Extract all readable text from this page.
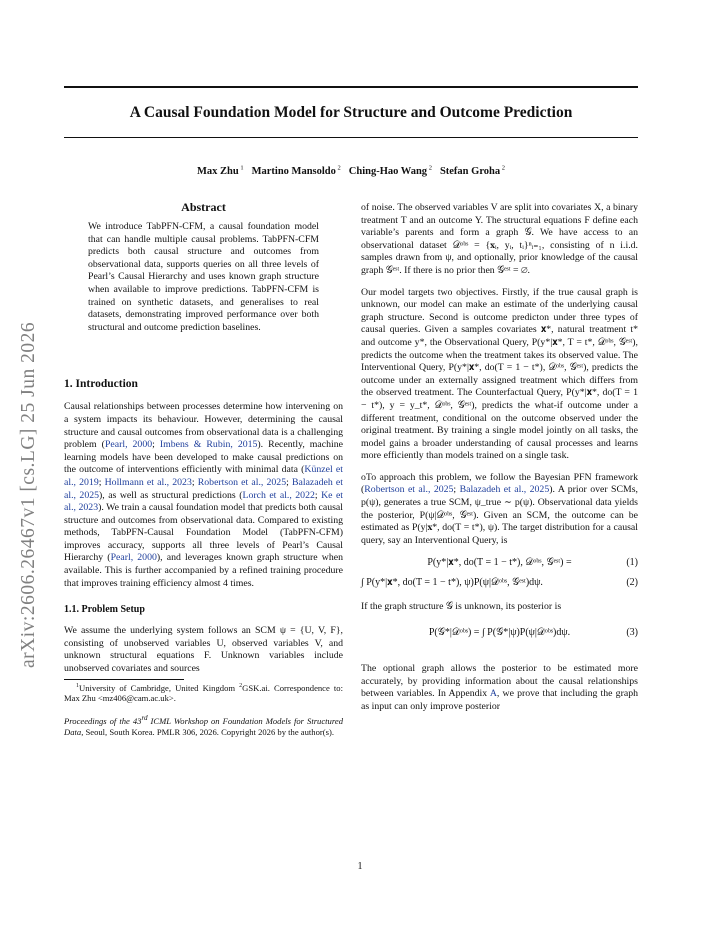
arXiv:2606.26467v1 [cs.LG] 25 Jun 2026
A Causal Foundation Model for Structure and Outcome Prediction
Max Zhu $^1$ Martino Mansoldo $^2$ Ching-Hao Wang $^2$ Stefan Groha $^2$
Abstract
We introduce TabPFN-CFM, a causal foundation model that can handle multiple causal problems. TabPFN-CFM predicts both causal structure and outcomes from observational data, supports queries on all three levels of Pearl’s Causal Hierarchy and uses known graph structure when available to improve predictions. TabPFN-CFM is trained on synthetic datasets, and generalises to real datasets, demonstrating improved performance over both structural and outcome prediction baselines.
1. Introduction

Causal relationships between processes determine how intervening on a system impacts its behaviour. However, determining the causal structure and causal outcomes from observational data is a challenging problem (Pearl, 2000; Imbens & Rubin, 2015). Recently, machine learning models have been developed to make causal predictions on the outcome of interventions efficiently with minimal data (Künzel et al., 2019; Hollmann et al., 2023; Robertson et al., 2025; Balazadeh et al., 2025), as well as structural predictions (Lorch et al., 2022; Ke et al., 2023). We train a causal foundation model that predicts both causal structure and outcomes from observational data. Compared to existing methods, TabPFN-Causal Foundation Model (TabPFN-CFM) improves accuracy, supports all three levels of Pearl’s Causal Hierarchy (Pearl, 2000), and leverages known graph structure when available. This is further accompanied by a refined training procedure that improves training efficiency almost 4 times.

1.1. Problem Setup

We assume the underlying system follows an SCM ψ = {U, V, F}, consisting of unobserved variables U, observed variables V, and unknown structural equations F. Unknown variables include unobserved covariates and sources

$^1$University of Cambridge, United Kingdom $^2$GSK.ai. Correspondence to: Max Zhu <mz406@cam.ac.uk>.
Proceedings of the 43rd ICML Workshop on Foundation Models for Structured Data, Seoul, South Korea. PMLR 306, 2026. Copyright 2026 by the author(s).

of noise. The observed variables V are split into covariates X, a binary treatment T and an outcome Y. The structural equations F define each variable’s parents and form a graph 𝒢. We have access to an observational dataset 𝒟ᵒᵇˢ = {𝐱ᵢ, yᵢ, tᵢ}ⁿᵢ₌₁, consisting of n i.i.d. samples drawn from ψ, and optionally, prior knowledge of the causal graph 𝒢ᵉˢᵗ. If there is no prior then 𝒢ᵉˢᵗ = ∅.

Our model targets two objectives. Firstly, if the true causal graph is unknown, our model can make an estimate of the underlying causal graph structure. Second is outcome predicton under three types of causal queries. Given a samples covariates 𝐱*, natural treatment t* and outcome y*, the Observational Query, P(y*|𝐱*, T = t*, 𝒟ᵒᵇˢ, 𝒢ᵉˢᵗ), predicts the outcome when the treatment takes its observed value. The Interventional Query, P(y*|𝐱*, do(T = 1 − t*), 𝒟ᵒᵇˢ, 𝒢ᵉˢᵗ), predicts the outcome under an externally assigned treatment which differs from the observed treatment. The Counterfactual Query, P(y*|𝐱*, do(T = 1 − t*), y = y_t*, 𝒟ᵒᵇˢ, 𝒢ᵉˢᵗ), predicts the what-if outcome under a different treatment, conditional on the outcome observed under the original treatment. By training a single model jointly on all tasks, the model gains a broader understanding of causal processes and learns more efficiently than models trained on a single task.

oTo approach this problem, we follow the Bayesian PFN framework (Robertson et al., 2025; Balazadeh et al., 2025). A prior over SCMs, p(ψ), generates a true SCM, ψ_true ∼ p(ψ). Observational data yields the posterior, P(ψ|𝒟ᵒᵇˢ, 𝒢ᵉˢᵗ). Given an SCM, the outcome can be estimated as P(y|𝐱*, do(T = t*), ψ). The target distribution for a causal query, say an Interventional Query, is

P(y*|𝐱*, do(T = 1 − t*), 𝒟ᵒᵇˢ, 𝒢ᵉˢᵗ) =	(1)
∫ P(y*|𝐱*, do(T = 1 − t*), ψ)P(ψ|𝒟ᵒᵇˢ, 𝒢ᵉˢᵗ)dψ.	(2)

If the graph structure 𝒢 is unknown, its posterior is

P(𝒢*|𝒟ᵒᵇˢ) = ∫ P(𝒢*|ψ)P(ψ|𝒟ᵒᵇˢ)dψ.	(3)

The optional graph allows the posterior to be estimated more accurately, by providing information about the causal relationships between variables. In Appendix A, we prove that including the graph as input can only improve posterior

1
